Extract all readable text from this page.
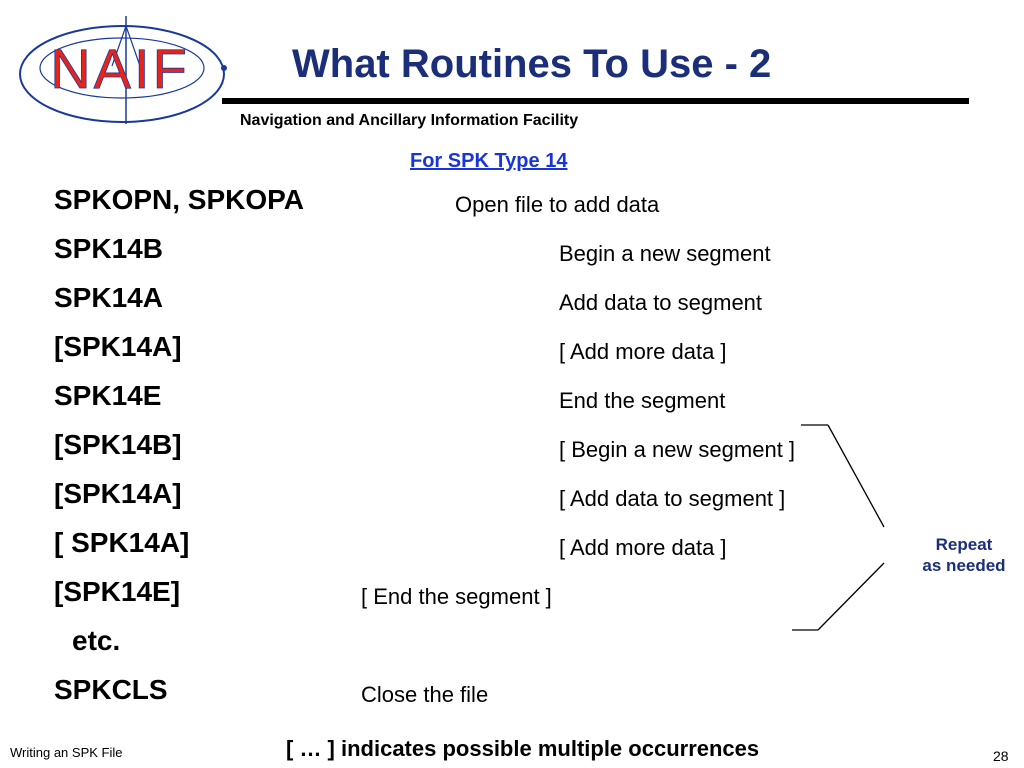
NAIF	What Routines To Use - 2
Navigation and Ancillary Information Facility
For SPK Type 14
SPKOPN, SPKOPA	Open file to add data
SPK14B	Begin a new segment
SPK14A	Add data to segment
[SPK14A]	[ Add more data ]
SPK14E	End the segment
[SPK14B]	[ Begin a new segment ]
[SPK14A]	[ Add data to segment ]
[ SPK14A]	[ Add more data ]
[SPK14E]	[ End the segment ]
etc.
SPKCLS	Close the file
Repeat
as needed
Writing an SPK File	[ … ] indicates possible multiple occurrences	28
